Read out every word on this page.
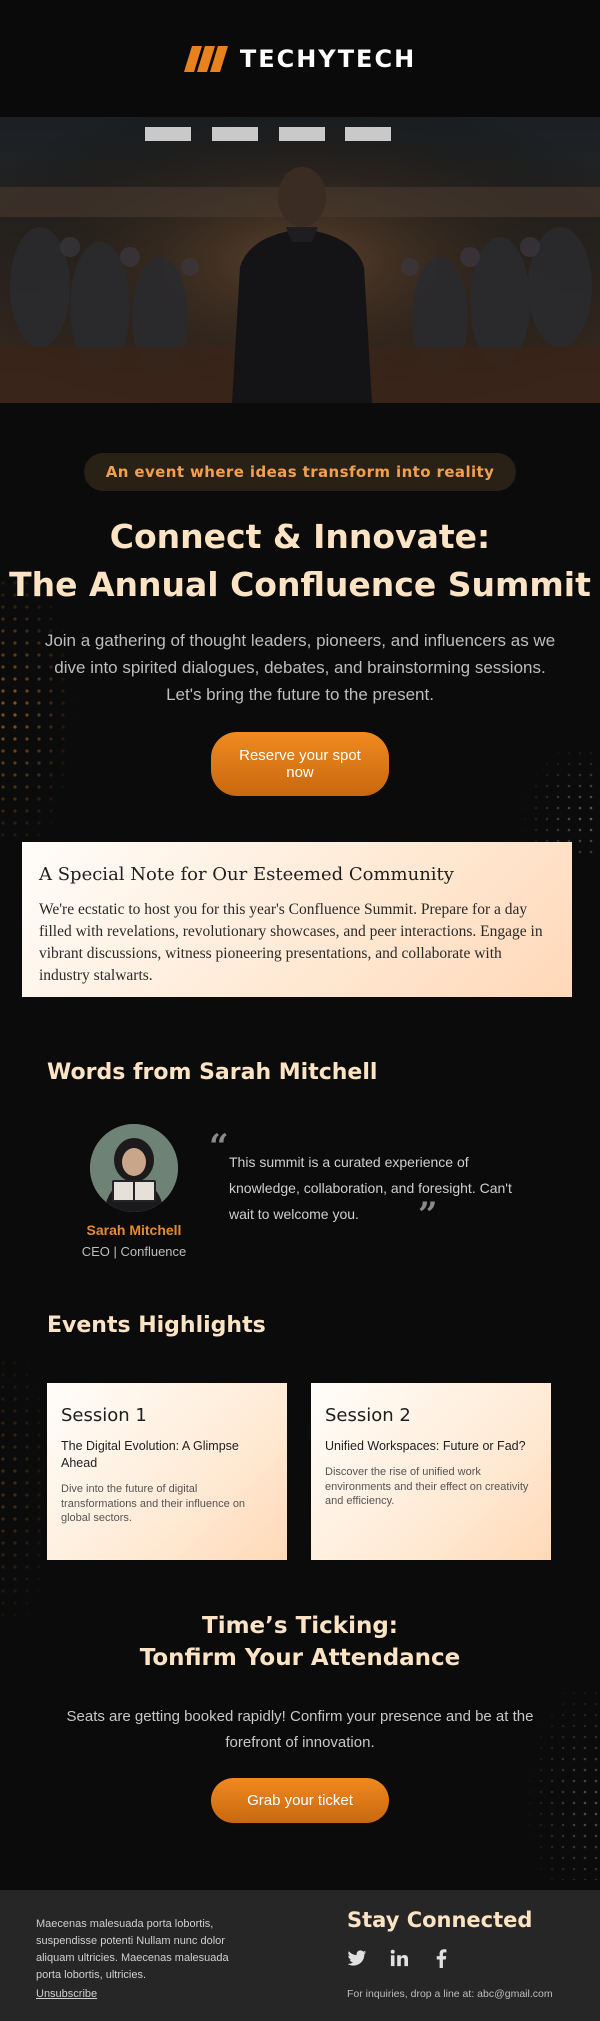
TECHYTECH
An event where ideas transform into reality
Connect & Innovate:
The Annual Confluence Summit
Join a gathering of thought leaders, pioneers, and influencers as we dive into spirited dialogues, debates, and brainstorming sessions. Let's bring the future to the present.
Reserve your spot now
A Special Note for Our Esteemed Community

We're ecstatic to host you for this year's Confluence Summit. Prepare for a day filled with revelations, revolutionary showcases, and peer interactions. Engage in vibrant discussions, witness pioneering presentations, and collaborate with industry stalwarts.

Words from Sarah Mitchell
Sarah Mitchell
CEO | Confluence
“ This summit is a curated experience of knowledge, collaboration, and foresight. Can't wait to welcome you.	”
Events Highlights
Session 1
The Digital Evolution: A Glimpse Ahead

Dive into the future of digital transformations and their influence on global sectors.

Session 2
Unified Workspaces: Future or Fad?

Discover the rise of unified work environments and their effect on creativity and efficiency.

Time’s Ticking:
Tonfirm Your Attendance
Seats are getting booked rapidly! Confirm your presence and be at the forefront of innovation.
Grab your ticket
Maecenas malesuada porta lobortis, suspendisse potenti Nullam nunc dolor aliquam ultricies. Maecenas malesuada porta lobortis, ultricies.
Unsubscribe
Stay Connected
For inquiries, drop a line at: abc@gmail.com
